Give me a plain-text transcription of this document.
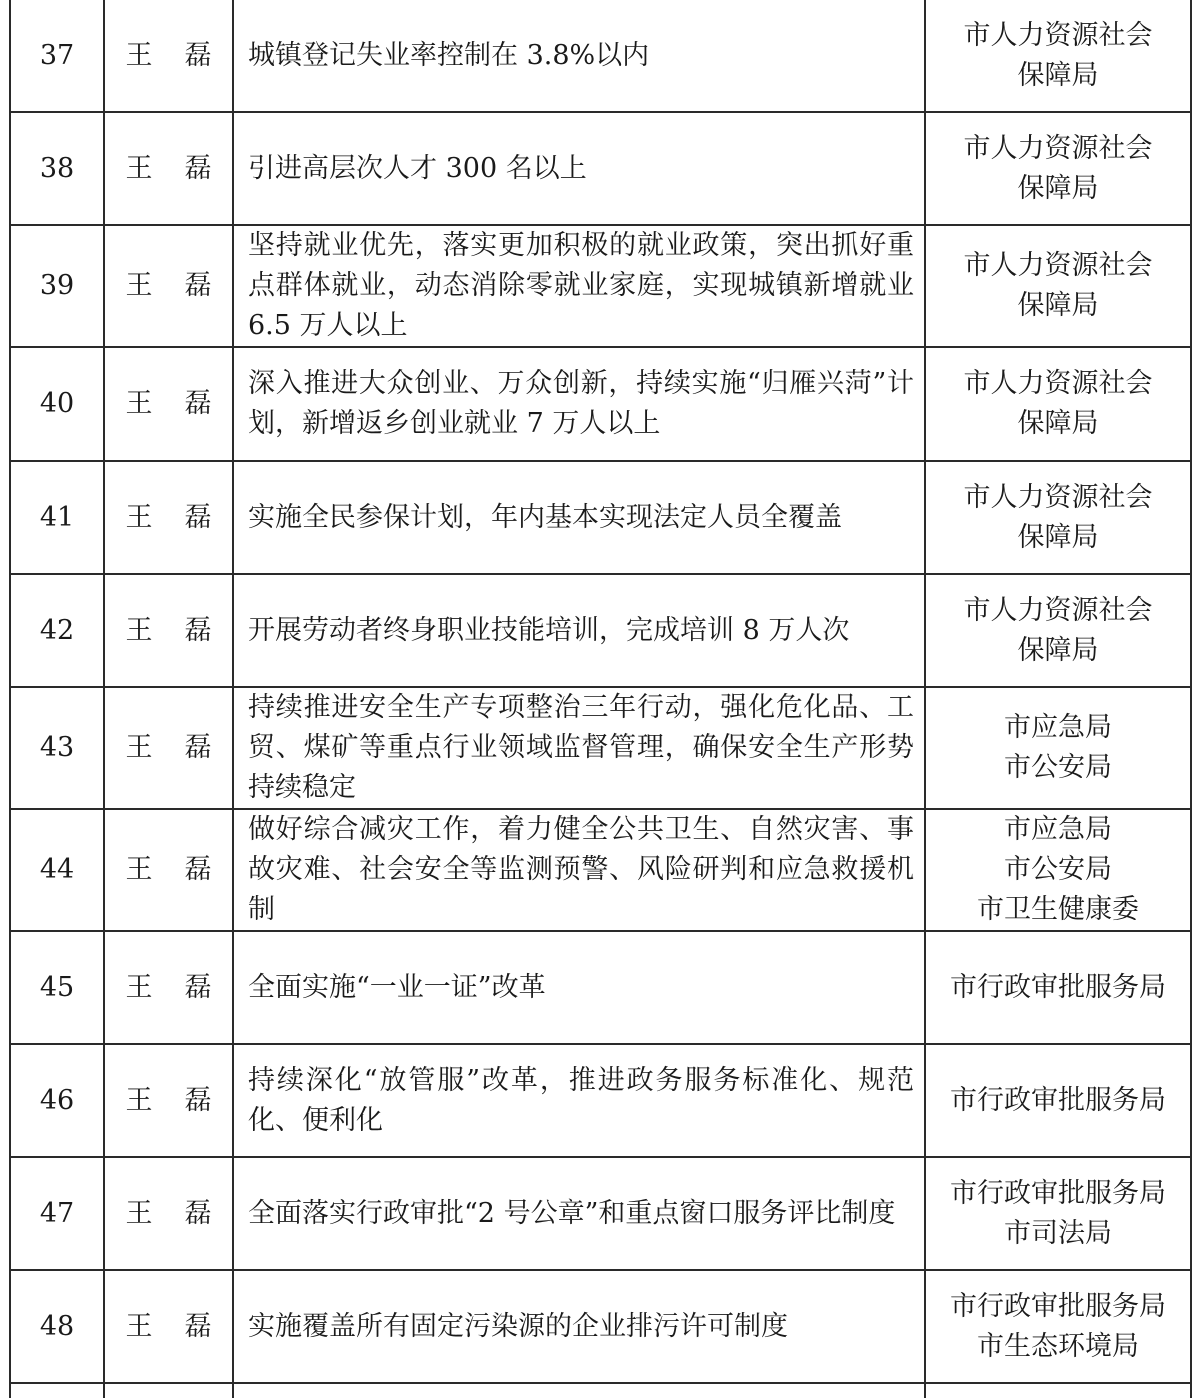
37	王 磊	城镇登记失业率控制在 3.8%以内	市人力资源社会
保障局

38	王 磊	引进高层次人才 300 名以上	市人力资源社会
保障局

39	王 磊	坚持就业优先，落实更加积极的就业政策，突出抓好重点群体就业，动态消除零就业家庭，实现城镇新增就业 6.5 万人以上	市人力资源社会
保障局

40	王 磊	深入推进大众创业、万众创新，持续实施“归雁兴菏”计划，新增返乡创业就业 7 万人以上	市人力资源社会
保障局

41	王 磊	实施全民参保计划，年内基本实现法定人员全覆盖	市人力资源社会
保障局

42	王 磊	开展劳动者终身职业技能培训，完成培训 8 万人次	市人力资源社会
保障局

43	王 磊	持续推进安全生产专项整治三年行动，强化危化品、工贸、煤矿等重点行业领域监督管理，确保安全生产形势持续稳定	市应急局
市公安局

44	王 磊	做好综合减灾工作，着力健全公共卫生、自然灾害、事故灾难、社会安全等监测预警、风险研判和应急救援机制	市应急局
市公安局
市卫生健康委

45	王 磊	全面实施“一业一证”改革	市行政审批服务局

46	王 磊	持续深化“放管服”改革，推进政务服务标准化、规范化、便利化	市行政审批服务局

47	王 磊	全面落实行政审批“2 号公章”和重点窗口服务评比制度	市行政审批服务局
市司法局

48	王 磊	实施覆盖所有固定污染源的企业排污许可制度	市行政审批服务局
市生态环境局
